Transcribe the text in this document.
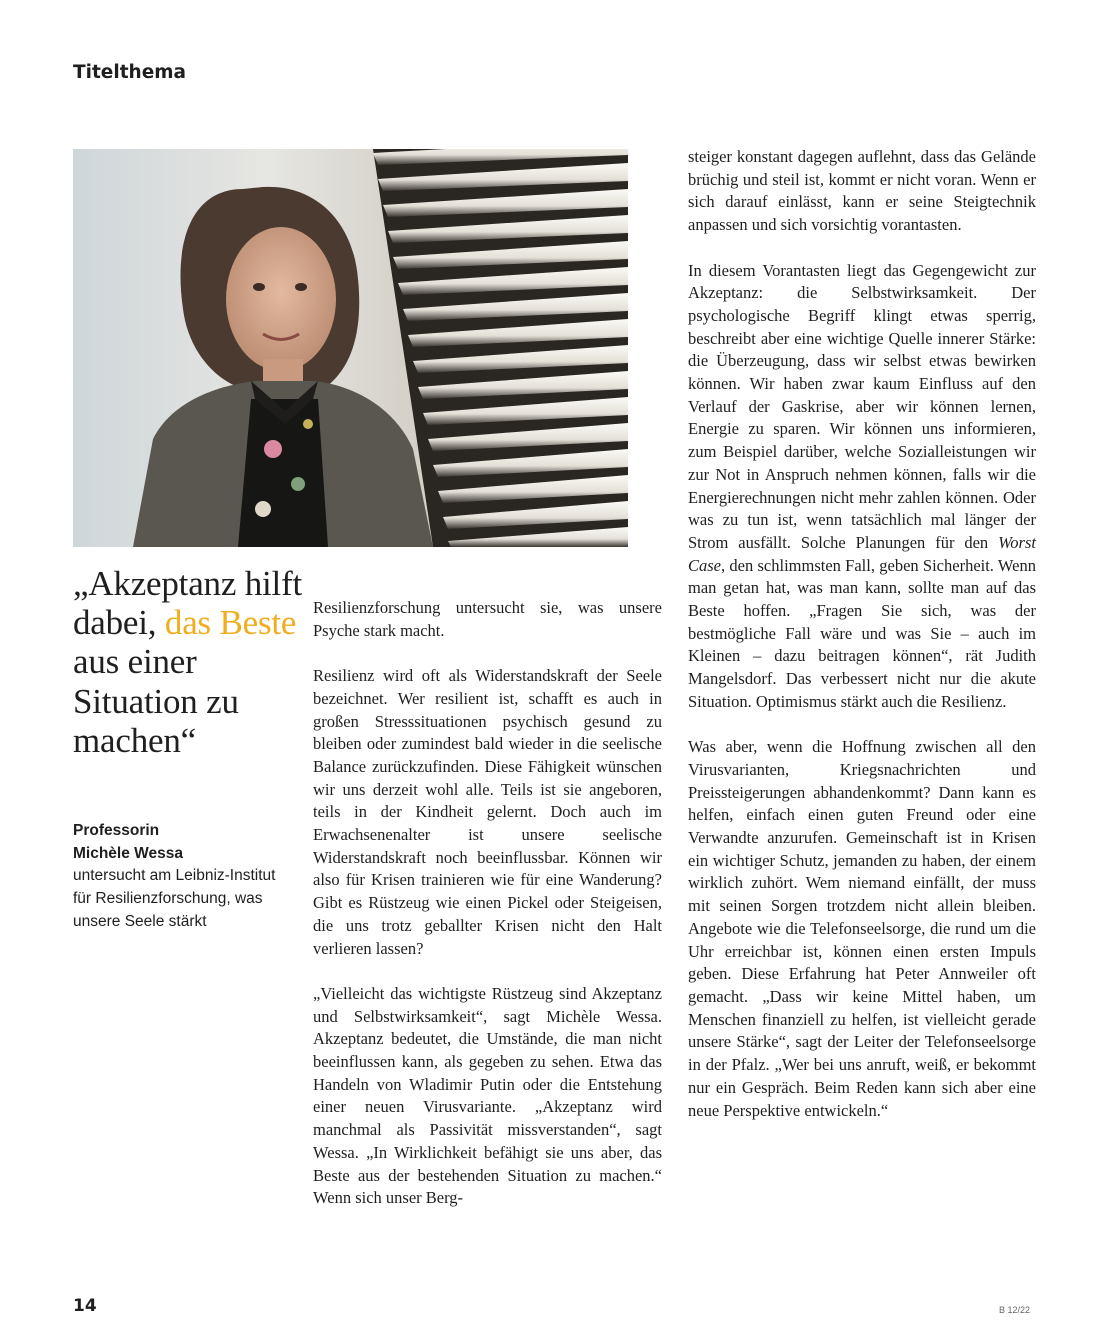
Titelthema

„Akzeptanz hilft dabei, das Beste aus einer Situation zu machen“

Professorin
Michèle Wessa
untersucht am Leibniz-Institut für Resilienzforschung, was unsere Seele stärkt

Resilienzforschung untersucht sie, was unsere Psyche stark macht.

Resilienz wird oft als Widerstandskraft der Seele bezeichnet. Wer resilient ist, schafft es auch in großen Stresssituationen psychisch gesund zu bleiben oder zumindest bald wieder in die seelische Balance zurückzufinden. Diese Fähigkeit wünschen wir uns derzeit wohl alle. Teils ist sie angeboren, teils in der Kindheit gelernt. Doch auch im Erwachsenenalter ist unsere seelische Widerstandskraft noch beeinflussbar. Können wir also für Krisen trainieren wie für eine Wanderung? Gibt es Rüstzeug wie einen Pickel oder Steigeisen, die uns trotz geballter Krisen nicht den Halt verlieren lassen?

„Vielleicht das wichtigste Rüstzeug sind Akzeptanz und Selbstwirksamkeit“, sagt Michèle Wessa. Akzeptanz bedeutet, die Umstände, die man nicht beeinflussen kann, als gegeben zu sehen. Etwa das Handeln von Wladimir Putin oder die Entstehung einer neuen Virusvariante. „Akzeptanz wird manchmal als Passivität missverstanden“, sagt Wessa. „In Wirklichkeit befähigt sie uns aber, das Beste aus der bestehenden Situation zu machen.“ Wenn sich unser Berg-

steiger konstant dagegen auflehnt, dass das Gelände brüchig und steil ist, kommt er nicht voran. Wenn er sich darauf einlässt, kann er seine Steigtechnik anpassen und sich vorsichtig vorantasten.

In diesem Vorantasten liegt das Gegengewicht zur Akzeptanz: die Selbstwirksamkeit. Der psychologische Begriff klingt etwas sperrig, beschreibt aber eine wichtige Quelle innerer Stärke: die Überzeugung, dass wir selbst etwas bewirken können. Wir haben zwar kaum Einfluss auf den Verlauf der Gaskrise, aber wir können lernen, Energie zu sparen. Wir können uns informieren, zum Beispiel darüber, welche Sozialleistungen wir zur Not in Anspruch nehmen können, falls wir die Energierechnungen nicht mehr zahlen können. Oder was zu tun ist, wenn tatsächlich mal länger der Strom ausfällt. Solche Planungen für den Worst Case, den schlimmsten Fall, geben Sicherheit. Wenn man getan hat, was man kann, sollte man auf das Beste hoffen. „Fragen Sie sich, was der bestmögliche Fall wäre und was Sie – auch im Kleinen – dazu beitragen können“, rät Judith Mangelsdorf. Das verbessert nicht nur die akute Situation. Optimismus stärkt auch die Resilienz.

Was aber, wenn die Hoffnung zwischen all den Virusvarianten, Kriegsnachrichten und Preissteigerungen abhandenkommt? Dann kann es helfen, einfach einen guten Freund oder eine Verwandte anzurufen. Gemeinschaft ist in Krisen ein wichtiger Schutz, jemanden zu haben, der einem wirklich zuhört. Wem niemand einfällt, der muss mit seinen Sorgen trotzdem nicht allein bleiben. Angebote wie die Telefonseelsorge, die rund um die Uhr erreichbar ist, können einen ersten Impuls geben. Diese Erfahrung hat Peter Annweiler oft gemacht. „Dass wir keine Mittel haben, um Menschen finanziell zu helfen, ist vielleicht gerade unsere Stärke“, sagt der Leiter der Telefonseelsorge in der Pfalz. „Wer bei uns anruft, weiß, er bekommt nur ein Gespräch. Beim Reden kann sich aber eine neue Perspektive entwickeln.“

14	B 12/22
